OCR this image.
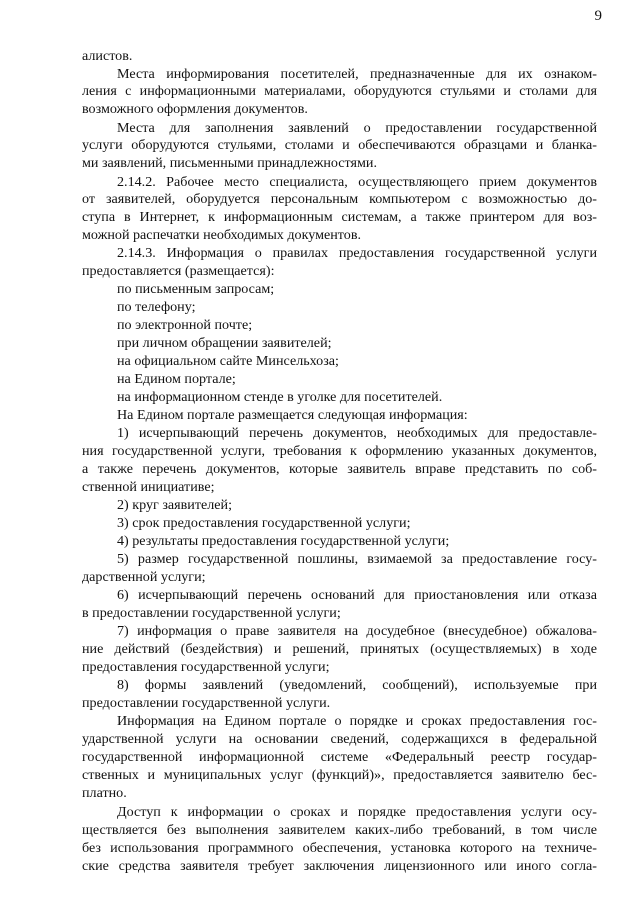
9
алистов.
Места информирования посетителей, предназначенные для их ознаком-
ления с информационными материалами, оборудуются стульями и столами для
возможного оформления документов.
Места для заполнения заявлений о предоставлении государственной
услуги оборудуются стульями, столами и обеспечиваются образцами и бланка-
ми заявлений, письменными принадлежностями.
2.14.2. Рабочее место специалиста, осуществляющего прием документов
от заявителей, оборудуется персональным компьютером с возможностью до-
ступа в Интернет, к информационным системам, а также принтером для воз-
можной распечатки необходимых документов.
2.14.3. Информация о правилах предоставления государственной услуги
предоставляется (размещается):
по письменным запросам;
по телефону;
по электронной почте;
при личном обращении заявителей;
на официальном сайте Минсельхоза;
на Едином портале;
на информационном стенде в уголке для посетителей.
На Едином портале размещается следующая информация:
1) исчерпывающий перечень документов, необходимых для предоставле-
ния государственной услуги, требования к оформлению указанных документов,
а также перечень документов, которые заявитель вправе представить по соб-
ственной инициативе;
2) круг заявителей;
3) срок предоставления государственной услуги;
4) результаты предоставления государственной услуги;
5) размер государственной пошлины, взимаемой за предоставление госу-
дарственной услуги;
6) исчерпывающий перечень оснований для приостановления или отказа
в предоставлении государственной услуги;
7) информация о праве заявителя на досудебное (внесудебное) обжалова-
ние действий (бездействия) и решений, принятых (осуществляемых) в ходе
предоставления государственной услуги;
8) формы заявлений (уведомлений, сообщений), используемые при
предоставлении государственной услуги.
Информация на Едином портале о порядке и сроках предоставления гос-
ударственной услуги на основании сведений, содержащихся в федеральной
государственной информационной системе «Федеральный реестр государ-
ственных и муниципальных услуг (функций)», предоставляется заявителю бес-
платно.
Доступ к информации о сроках и порядке предоставления услуги осу-
ществляется без выполнения заявителем каких-либо требований, в том числе
без использования программного обеспечения, установка которого на техниче-
ские средства заявителя требует заключения лицензионного или иного согла-
